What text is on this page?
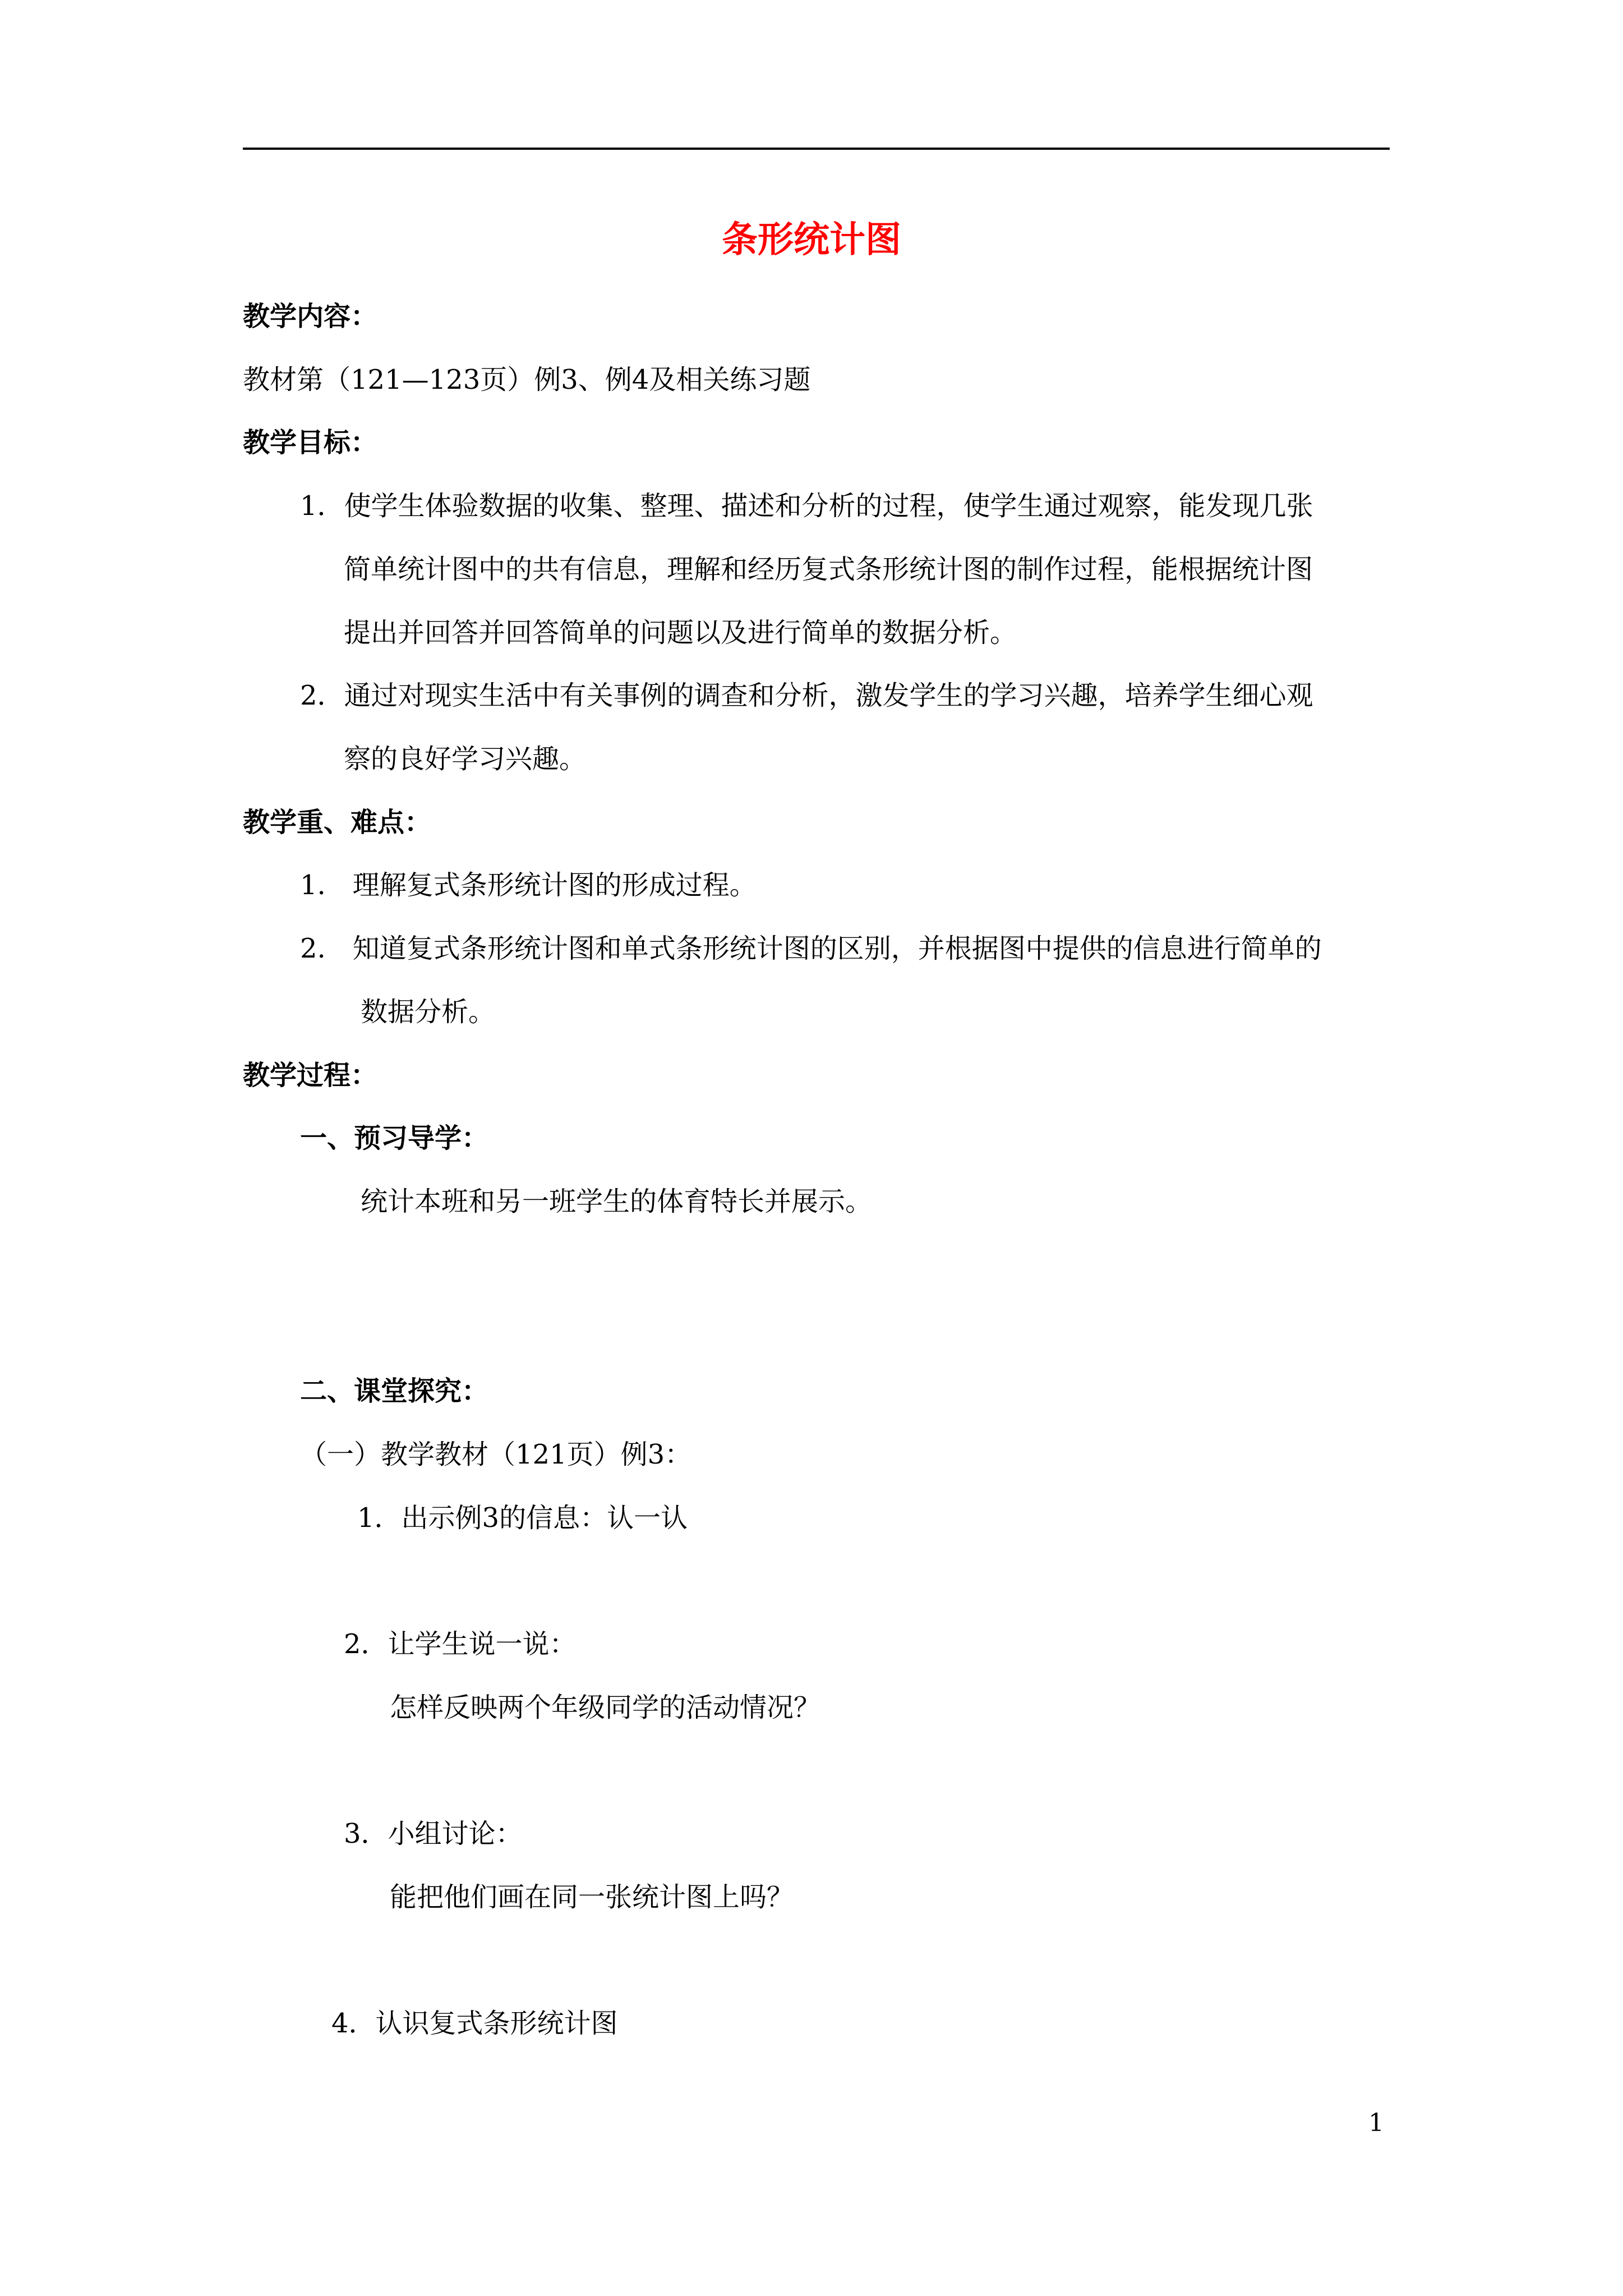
条形统计图
教学内容：
教材第（121—123页）例3、例4及相关练习题
教学目标：
1．使学生体验数据的收集、整理、描述和分析的过程，使学生通过观察，能发现几张
简单统计图中的共有信息，理解和经历复式条形统计图的制作过程，能根据统计图
提出并回答并回答简单的问题以及进行简单的数据分析。
2．通过对现实生活中有关事例的调查和分析，激发学生的学习兴趣，培养学生细心观
察的良好学习兴趣。
教学重、难点：
1.　理解复式条形统计图的形成过程。
2.　知道复式条形统计图和单式条形统计图的区别，并根据图中提供的信息进行简单的
数据分析。
教学过程：
一、预习导学：
统计本班和另一班学生的体育特长并展示。
二、课堂探究：
（一）教学教材（121页）例3：
1．出示例3的信息：认一认
2．让学生说一说：
怎样反映两个年级同学的活动情况？
3．小组讨论：
能把他们画在同一张统计图上吗？
4．认识复式条形统计图
1
